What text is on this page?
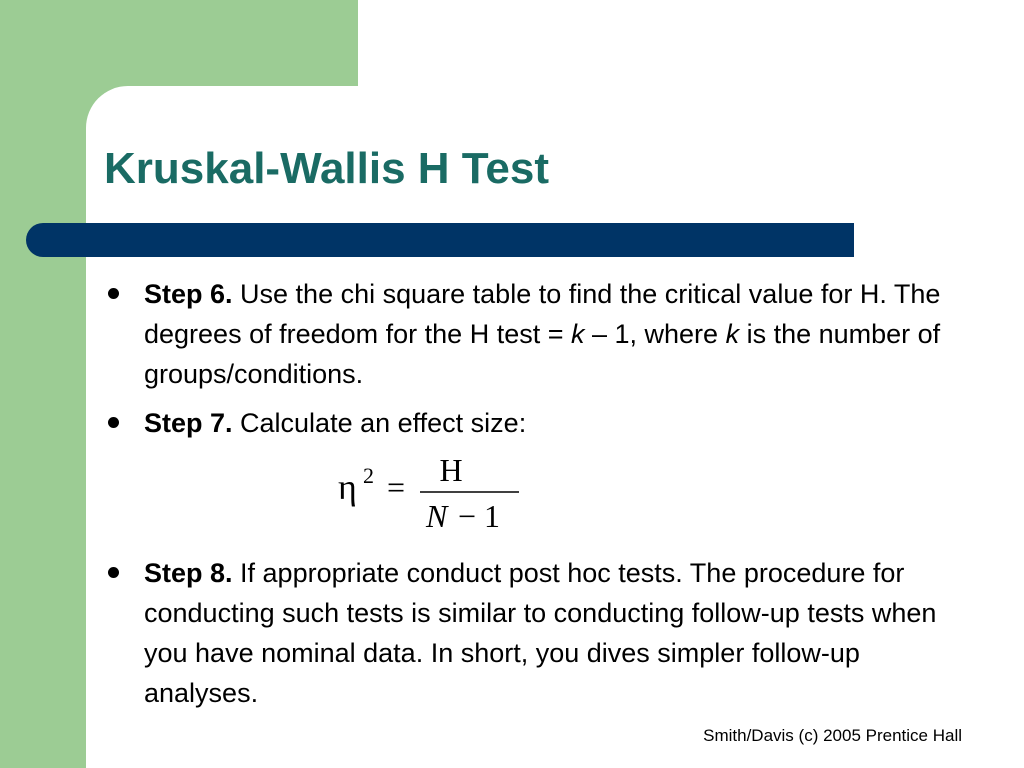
Kruskal-Wallis H Test
Step 6. Use the chi square table to find the critical value for H. The degrees of freedom for the H test = k – 1, where k is the number of groups/conditions.
Step 7. Calculate an effect size:
η 2 = H
N − 1
Step 8. If appropriate conduct post hoc tests. The procedure for conducting such tests is similar to conducting follow-up tests when you have nominal data. In short, you dives simpler follow-up analyses.
Smith/Davis (c) 2005 Prentice Hall
